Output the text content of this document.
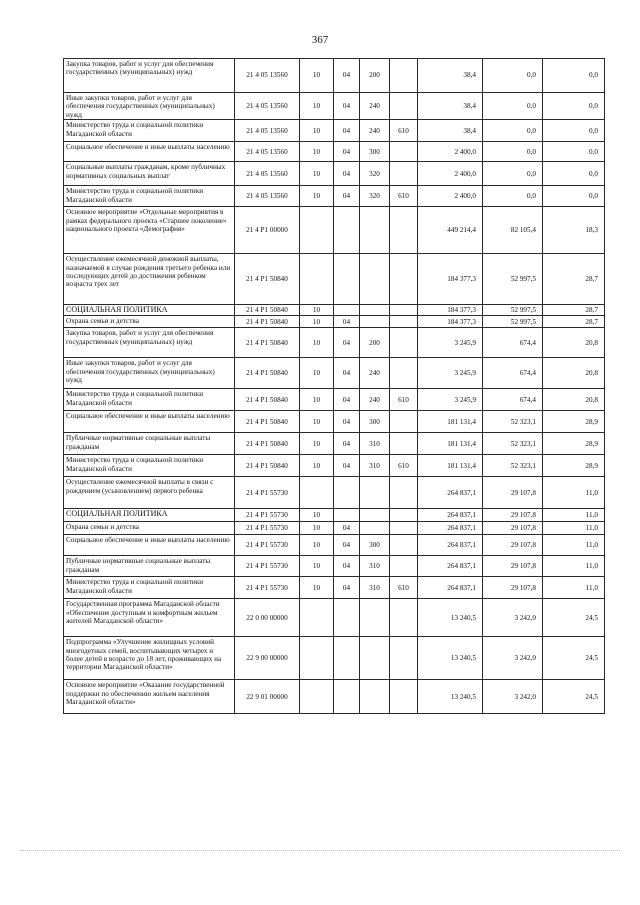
367
Закупка товаров, работ и услуг для обеспечения государственных (муниципальных) нужд	21 4 05 13560	10	04	200		38,4	0,0	0,0
Иные закупки товаров, работ и услуг для обеспечения государственных (муниципальных) нужд	21 4 05 13560	10	04	240		38,4	0,0	0,0
Министерство труда и социальной политики Магаданской области	21 4 05 13560	10	04	240	610	38,4	0,0	0,0
Социальное обеспечение и иные выплаты населению	21 4 05 13560	10	04	300		2 400,0	0,0	0,0
Социальные выплаты гражданам, кроме публичных нормативных социальных выплат	21 4 05 13560	10	04	320		2 400,0	0,0	0,0
Министерство труда и социальной политики Магаданской области	21 4 05 13560	10	04	320	610	2 400,0	0,0	0,0
Основное мероприятие «Отдельные мероприятия в рамках федерального проекта «Старшее поколение» национального проекта «Демография»	21 4 P1 00000					449 214,4	82 105,4	18,3
Осуществление ежемесячной денежной выплаты, назначаемой в случае рождения третьего ребенка или последующих детей до достижения ребенком возраста трех лет	21 4 P1 50840					184 377,3	52 997,5	28,7
СОЦИАЛЬНАЯ ПОЛИТИКА	21 4 P1 50840	10				184 377,3	52 997,5	28,7
Охрана семьи и детства	21 4 P1 50840	10	04			184 377,3	52 997,5	28,7
Закупка товаров, работ и услуг для обеспечения государственных (муниципальных) нужд	21 4 P1 50840	10	04	200		3 245,9	674,4	20,8
Иные закупки товаров, работ и услуг для обеспечения государственных (муниципальных) нужд	21 4 P1 50840	10	04	240		3 245,9	674,4	20,8
Министерство труда и социальной политики Магаданской области	21 4 P1 50840	10	04	240	610	3 245,9	674,4	20,8
Социальное обеспечение и иные выплаты населению	21 4 P1 50840	10	04	300		181 131,4	52 323,1	28,9
Публичные нормативные социальные выплаты гражданам	21 4 P1 50840	10	04	310		181 131,4	52 323,1	28,9
Министерство труда и социальной политики Магаданской области	21 4 P1 50840	10	04	310	610	181 131,4	52 323,1	28,9
Осуществление ежемесячной выплаты в связи с рождением (усыновлением) первого ребенка	21 4 P1 55730					264 837,1	29 107,8	11,0
СОЦИАЛЬНАЯ ПОЛИТИКА	21 4 P1 55730	10				264 837,1	29 107,8	11,0
Охрана семьи и детства	21 4 P1 55730	10	04			264 837,1	29 107,8	11,0
Социальное обеспечение и иные выплаты населению	21 4 P1 55730	10	04	300		264 837,1	29 107,8	11,0
Публичные нормативные социальные выплаты гражданам	21 4 P1 55730	10	04	310		264 837,1	29 107,8	11,0
Министерство труда и социальной политики Магаданской области	21 4 P1 55730	10	04	310	610	264 837,1	29 107,8	11,0
Государственная программа Магаданской области «Обеспечение доступным и комфортным жильем жителей Магаданской области»	22 0 00 00000					13 240,5	3 242,0	24,5
Подпрограмма «Улучшение жилищных условий многодетных семей, воспитывающих четырех и более детей в возрасте до 18 лет, проживающих на территории Магаданской области»	22 9 00 00000					13 240,5	3 242,0	24,5
Основное мероприятие «Оказание государственной поддержки по обеспечению жильем населения Магаданской области»	22 9 01 00000					13 240,5	3 242,0	24,5
